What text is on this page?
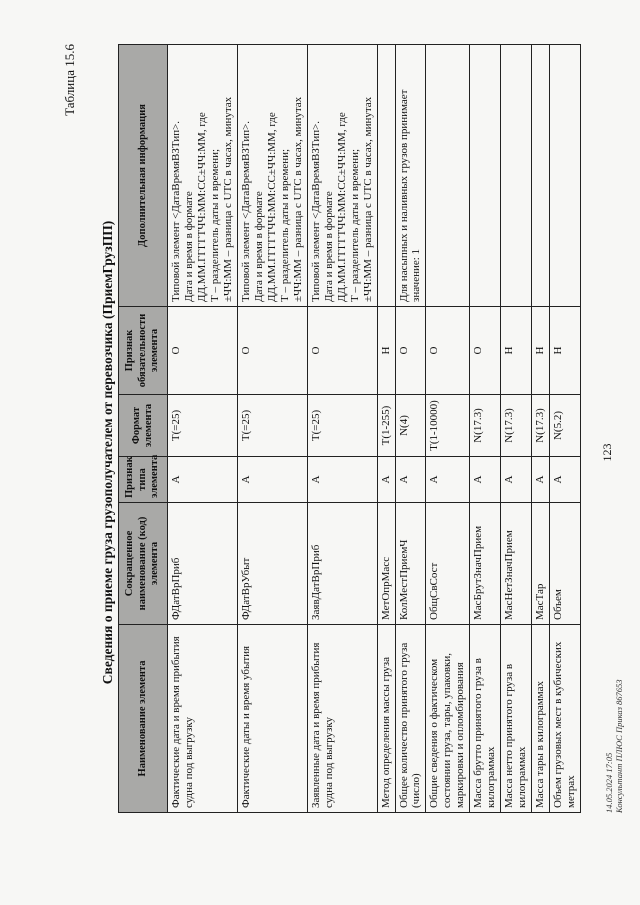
123
Таблица 15.6
Сведения о приеме груза грузополучателем от перевозчика (ПриемГрузПП)
Наименование элемента	Сокращенное наименование (код) элемента	Признак типа элемента	Формат элемента	Признак обязательности элемента	Дополнительная информация
Фактические дата и время прибытия судна под выгрузку	ФДатВрПриб	А	T(=25)	О	Типовой элемент <ДатаВремяВЗТип>.
Дата и время в формате
ДД.ММ.ГГГГТЧЧ:ММ:СС±ЧЧ:ММ, где
Т – разделитель даты и времени;
±ЧЧ:ММ – разница с UTC в часах, минутах
Фактические даты и время убытия	ФДатВрУбыт	А	T(=25)	О	Типовой элемент <ДатаВремяВЗТип>.
Дата и время в формате
ДД.ММ.ГГГГТЧЧ:ММ:СС±ЧЧ:ММ, где
Т – разделитель даты и времени;
±ЧЧ:ММ – разница с UTC в часах, минутах
Заявленные дата и время прибытия судна под выгрузку	ЗаявДатВрПриб	А	T(=25)	О	Типовой элемент <ДатаВремяВЗТип>.
Дата и время в формате
ДД.ММ.ГГГГТЧЧ:ММ:СС±ЧЧ:ММ, где
Т – разделитель даты и времени;
±ЧЧ:ММ – разница с UTC в часах, минутах
Метод определения массы груза	МетОпрМасс	А	T(1-255)	Н	
Общее количество принятого груза (число)	КолМестПриемЧ	А	N(4)	О	Для насыпных и наливных грузов принимает значение: 1
Общие сведения о фактическом состоянии груза, тары, упаковки, маркировки и опломбирования	ОбщСвСост	А	T(1-10000)	О	
Масса брутто принятого груза в килограммах	МасБрутЗначПрием	А	N(17.3)	О	
Масса нетто принятого груза в килограммах	МасНетЗначПрием	А	N(17.3)	Н	
Масса тары в килограммах	МасТар	А	N(17.3)	Н	
Объем грузовых мест в кубических метрах	Объем	А	N(5.2)	Н	
14.05.2024 17:05 Консультант ПЛЮС Приказ 867653
